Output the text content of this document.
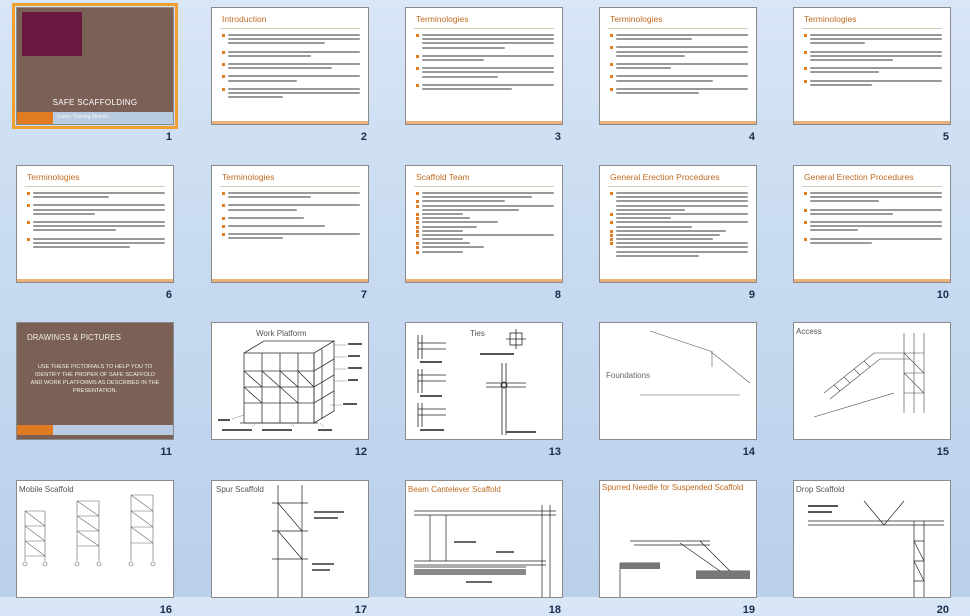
SAFE SCAFFOLDING
Safety Training Module
1
Introduction
2
Terminologies
3
Terminologies
4
Terminologies
5
Terminologies
6
Terminologies
7
Scaffold Team
8
General Erection Procedures
9
General Erection Procedures
10
DRAWINGS & PICTURES
USE THESE PICTORIALS TO HELP YOU TO IDENTIFY THE PROPER OF SAFE SCAFFOLD AND WORK PLATFORMS AS DESCRIBED IN THE PRESENTATION.
11
Work Platform
12
Ties
13
Foundations
14
Access
15
Mobile Scaffold
16
Spur Scaffold
17
Beam Cantelever Scaffold
18
Spurred Needle for Suspended Scaffold
19
Drop Scaffold
20
